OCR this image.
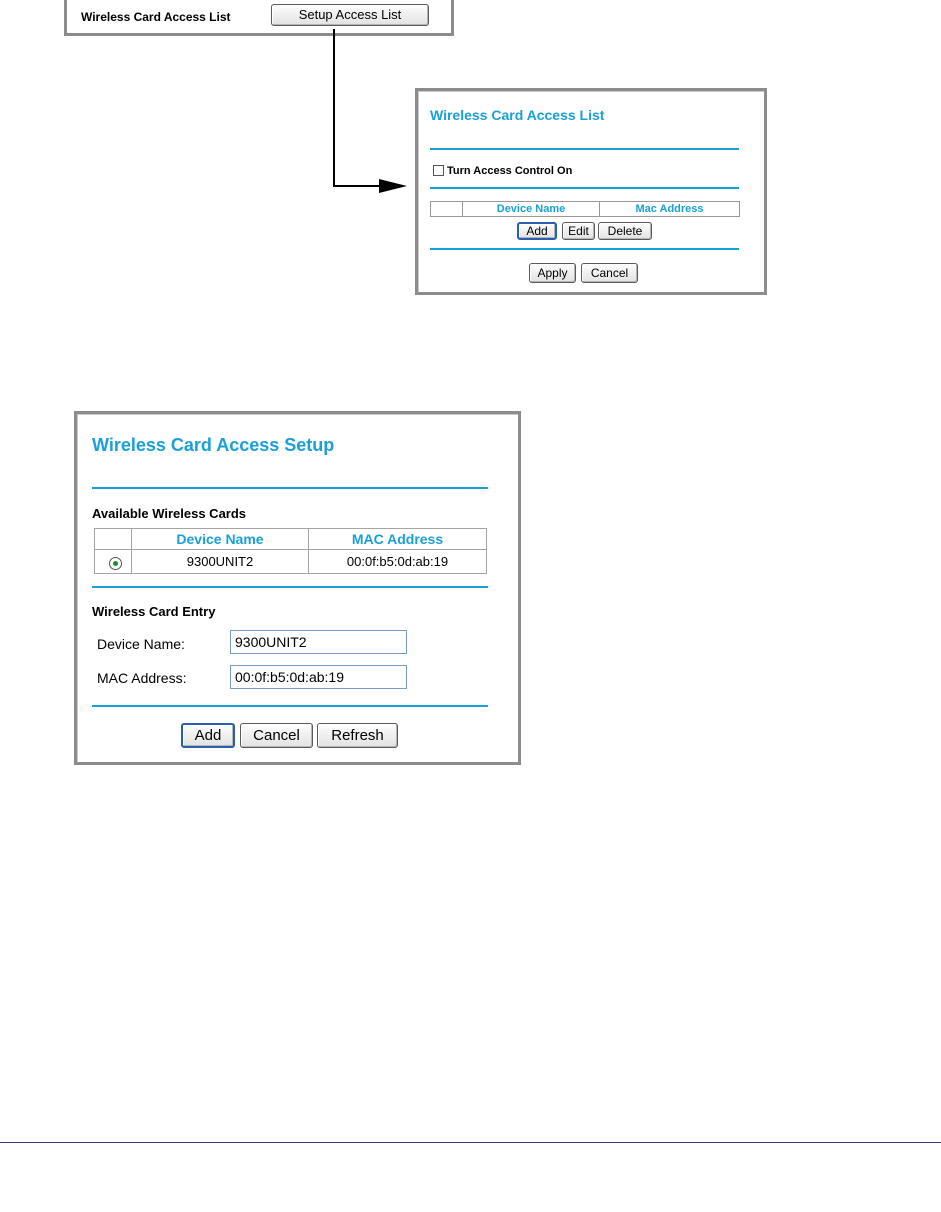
Wireless Card Access List	Setup Access List
Wireless Card Access List
Turn Access Control On
Device Name	Mac Address
Add	Edit	Delete
Apply	Cancel
Wireless Card Access Setup
Available Wireless Cards
Device Name	MAC Address
9300UNIT2	00:0f:b5:0d:ab:19
Wireless Card Entry
Device Name:
9300UNIT2
MAC Address:
00:0f:b5:0d:ab:19
Add	Cancel	Refresh
